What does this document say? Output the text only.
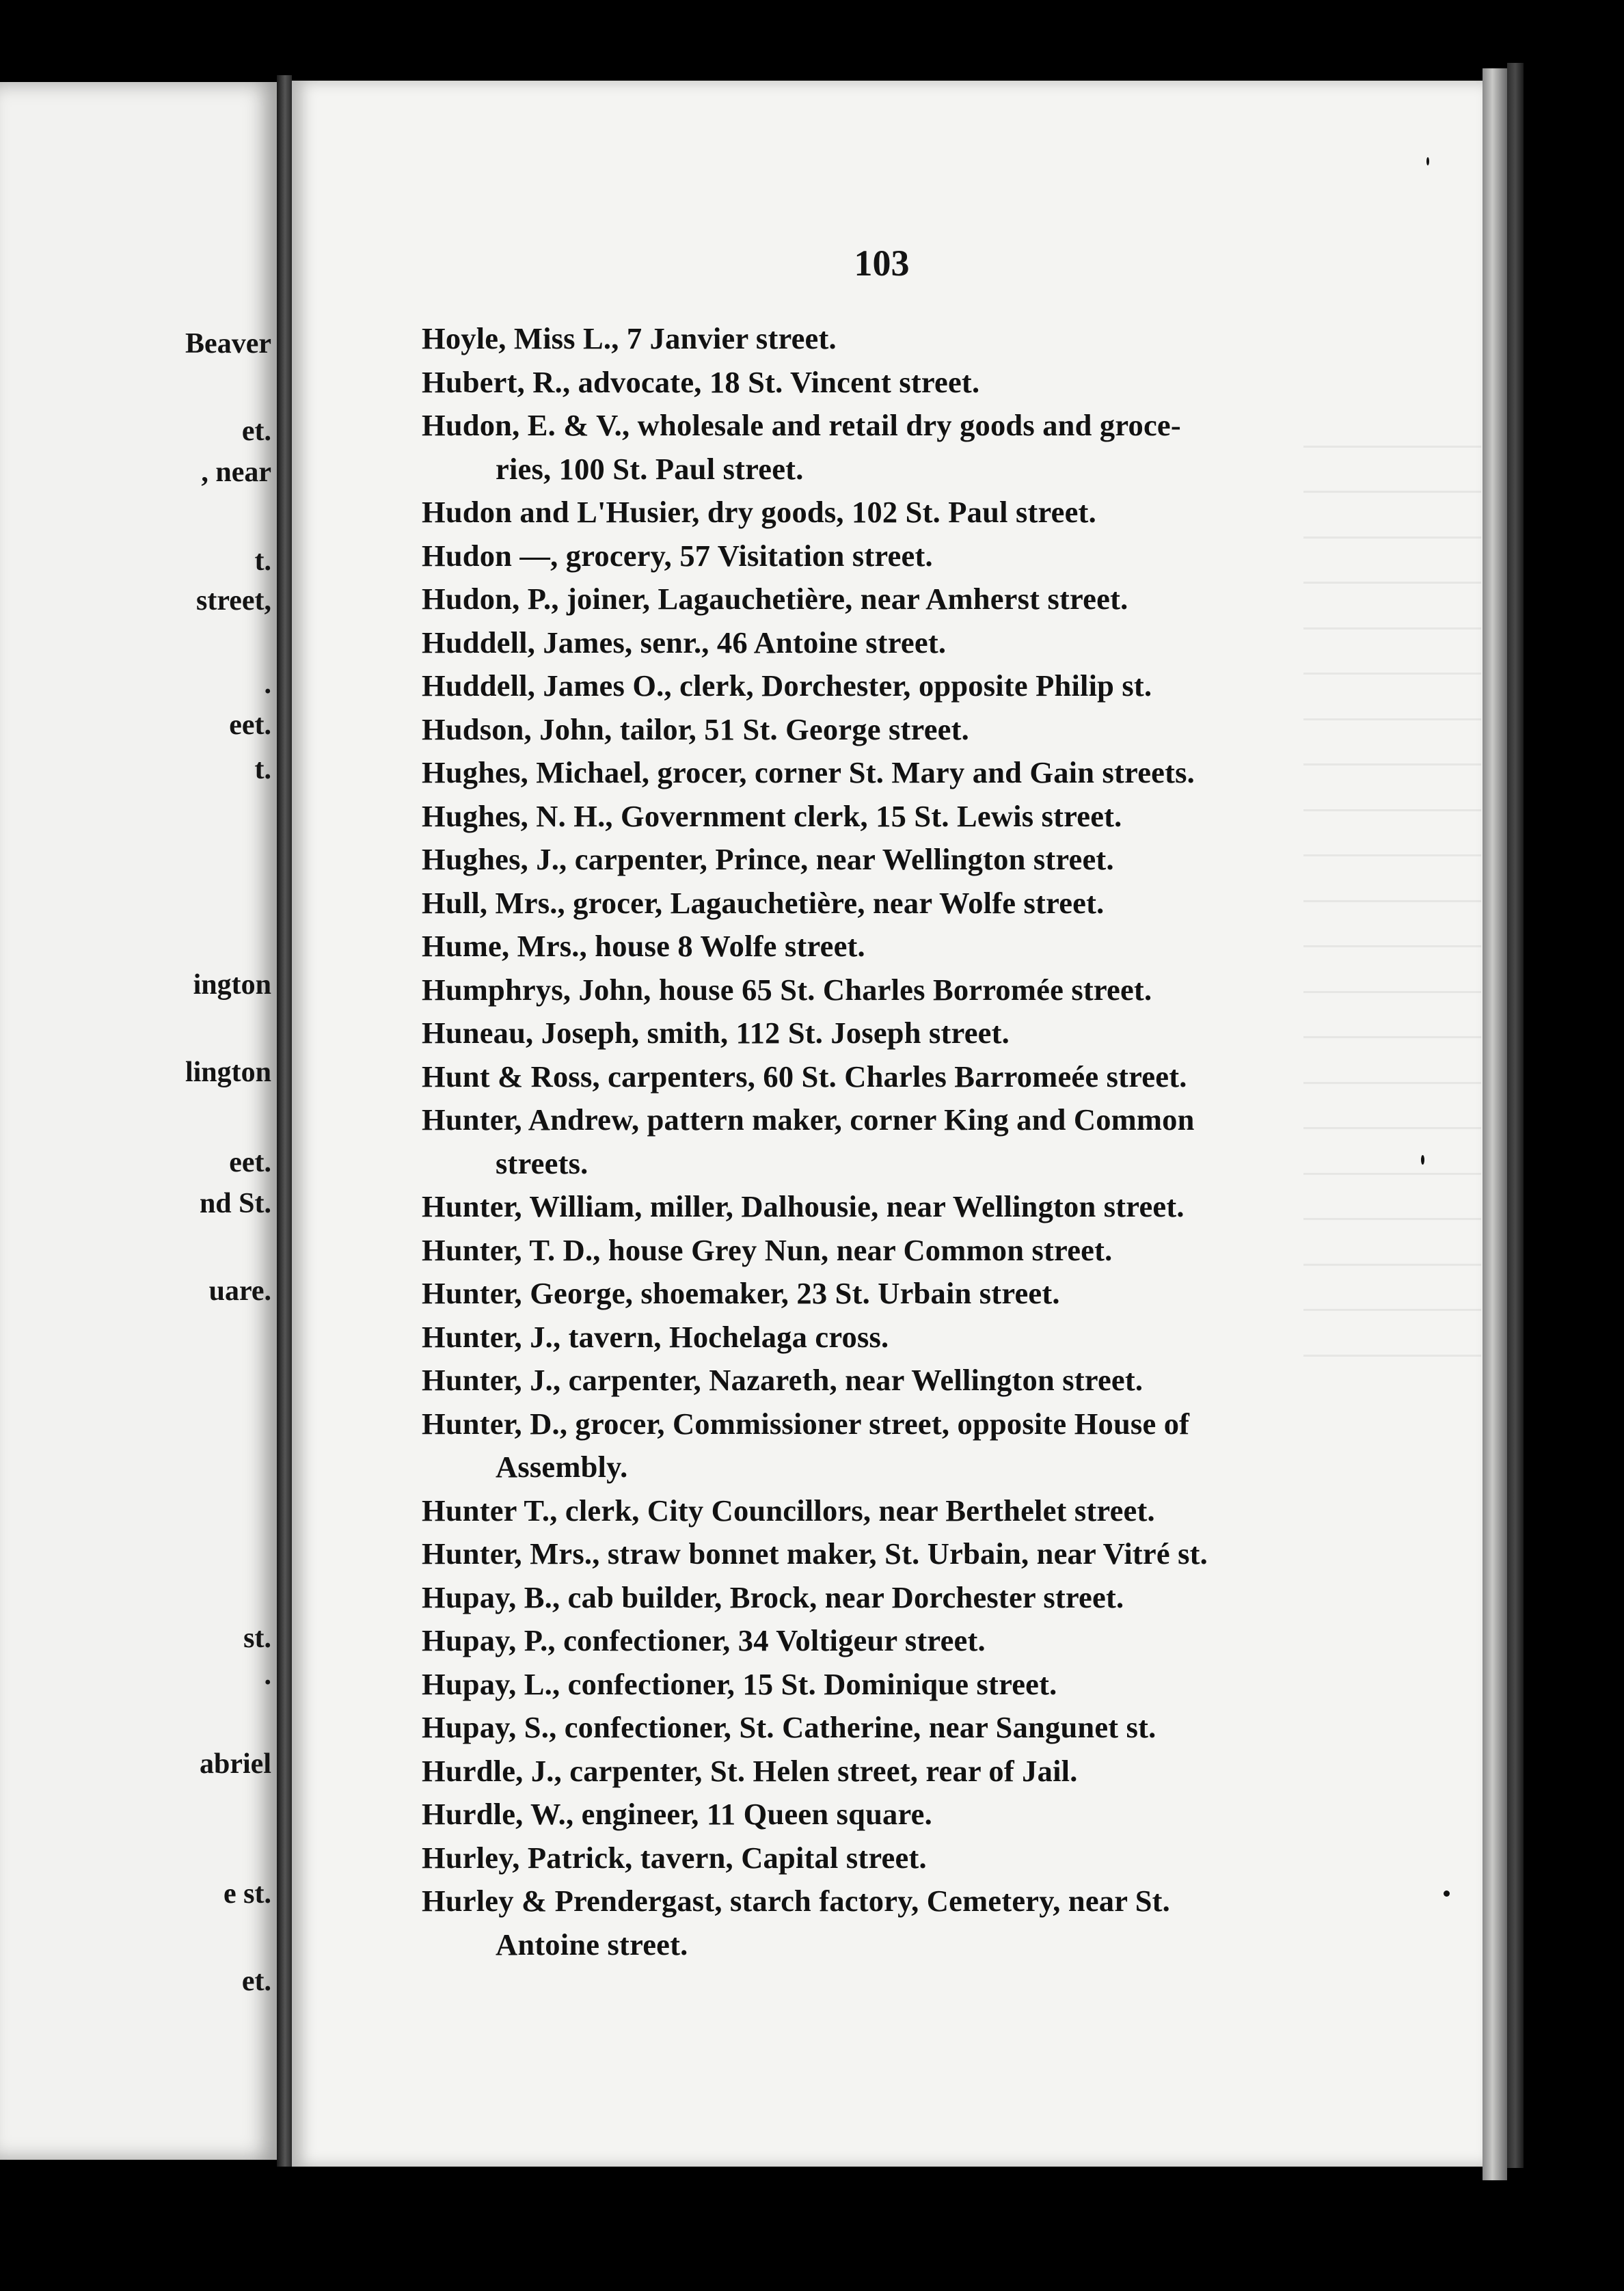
Beaver
et.
, near
t.
street,
.
eet.
t.
ington
lington
eet.
nd St.
uare.
st.
.
abriel
e st.
et.
103
Hoyle, Miss L., 7 Janvier street.
Hubert, R., advocate, 18 St. Vincent street.
Hudon, E. & V., wholesale and retail dry goods and groce-
ries, 100 St. Paul street.
Hudon and L'Husier, dry goods, 102 St. Paul street.
Hudon —, grocery, 57 Visitation street.
Hudon, P., joiner, Lagauchetière, near Amherst street.
Huddell, James, senr., 46 Antoine street.
Huddell, James O., clerk, Dorchester, opposite Philip st.
Hudson, John, tailor, 51 St. George street.
Hughes, Michael, grocer, corner St. Mary and Gain streets.
Hughes, N. H., Government clerk, 15 St. Lewis street.
Hughes, J., carpenter, Prince, near Wellington street.
Hull, Mrs., grocer, Lagauchetière, near Wolfe street.
Hume, Mrs., house 8 Wolfe street.
Humphrys, John, house 65 St. Charles Borromée street.
Huneau, Joseph, smith, 112 St. Joseph street.
Hunt & Ross, carpenters, 60 St. Charles Barromeée street.
Hunter, Andrew, pattern maker, corner King and Common
streets.
Hunter, William, miller, Dalhousie, near Wellington street.
Hunter, T. D., house Grey Nun, near Common street.
Hunter, George, shoemaker, 23 St. Urbain street.
Hunter, J., tavern, Hochelaga cross.
Hunter, J., carpenter, Nazareth, near Wellington street.
Hunter, D., grocer, Commissioner street, opposite House of
Assembly.
Hunter T., clerk, City Councillors, near Berthelet street.
Hunter, Mrs., straw bonnet maker, St. Urbain, near Vitré st.
Hupay, B., cab builder, Brock, near Dorchester street.
Hupay, P., confectioner, 34 Voltigeur street.
Hupay, L., confectioner, 15 St. Dominique street.
Hupay, S., confectioner, St. Catherine, near Sangunet st.
Hurdle, J., carpenter, St. Helen street, rear of Jail.
Hurdle, W., engineer, 11 Queen square.
Hurley, Patrick, tavern, Capital street.
Hurley & Prendergast, starch factory, Cemetery, near St.
Antoine street.
